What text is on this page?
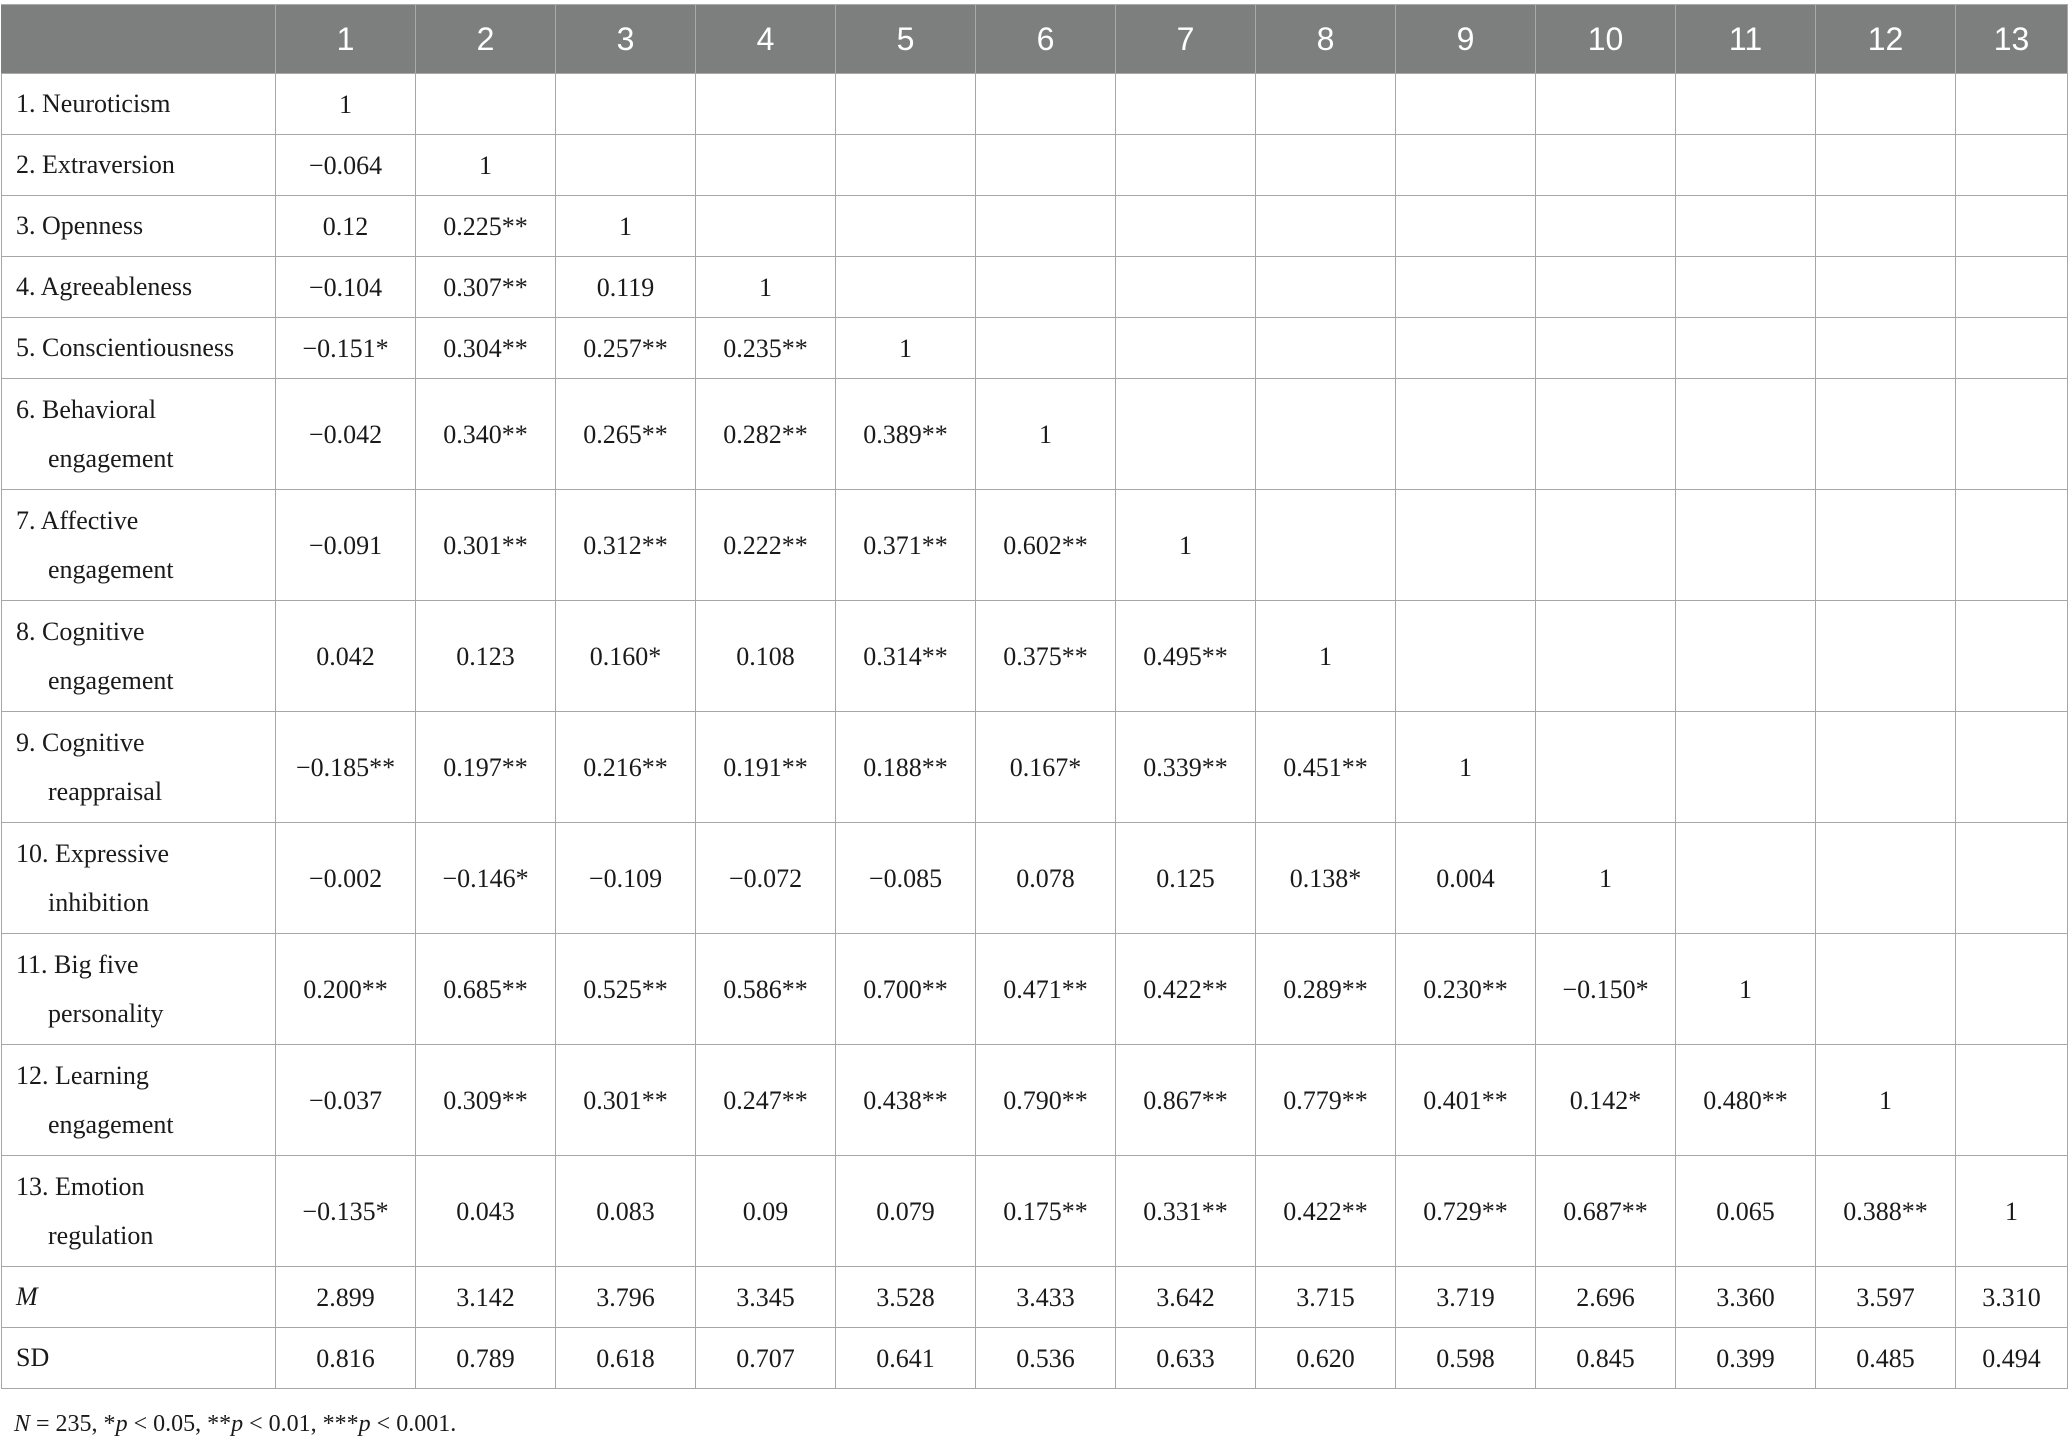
	1	2	3	4	5	6	7	8	9	10	11	12	13

1. Neuroticism	1												

2. Extraversion	−0.064	1											

3. Openness	0.12	0.225**	1										

4. Agreeableness	−0.104	0.307**	0.119	1									

5. Conscientiousness	−0.151*	0.304**	0.257**	0.235**	1								

6. Behavioral
engagement	−0.042	0.340**	0.265**	0.282**	0.389**	1							

7. Affective
engagement	−0.091	0.301**	0.312**	0.222**	0.371**	0.602**	1						

8. Cognitive
engagement	0.042	0.123	0.160*	0.108	0.314**	0.375**	0.495**	1					

9. Cognitive
reappraisal	−0.185**	0.197**	0.216**	0.191**	0.188**	0.167*	0.339**	0.451**	1				

10. Expressive
inhibition	−0.002	−0.146*	−0.109	−0.072	−0.085	0.078	0.125	0.138*	0.004	1			

11. Big five
personality	0.200**	0.685**	0.525**	0.586**	0.700**	0.471**	0.422**	0.289**	0.230**	−0.150*	1		

12. Learning
engagement	−0.037	0.309**	0.301**	0.247**	0.438**	0.790**	0.867**	0.779**	0.401**	0.142*	0.480**	1	

13. Emotion
regulation	−0.135*	0.043	0.083	0.09	0.079	0.175**	0.331**	0.422**	0.729**	0.687**	0.065	0.388**	1

M	2.899	3.142	3.796	3.345	3.528	3.433	3.642	3.715	3.719	2.696	3.360	3.597	3.310

SD	0.816	0.789	0.618	0.707	0.641	0.536	0.633	0.620	0.598	0.845	0.399	0.485	0.494
N = 235, *p < 0.05, **p < 0.01, ***p < 0.001.
